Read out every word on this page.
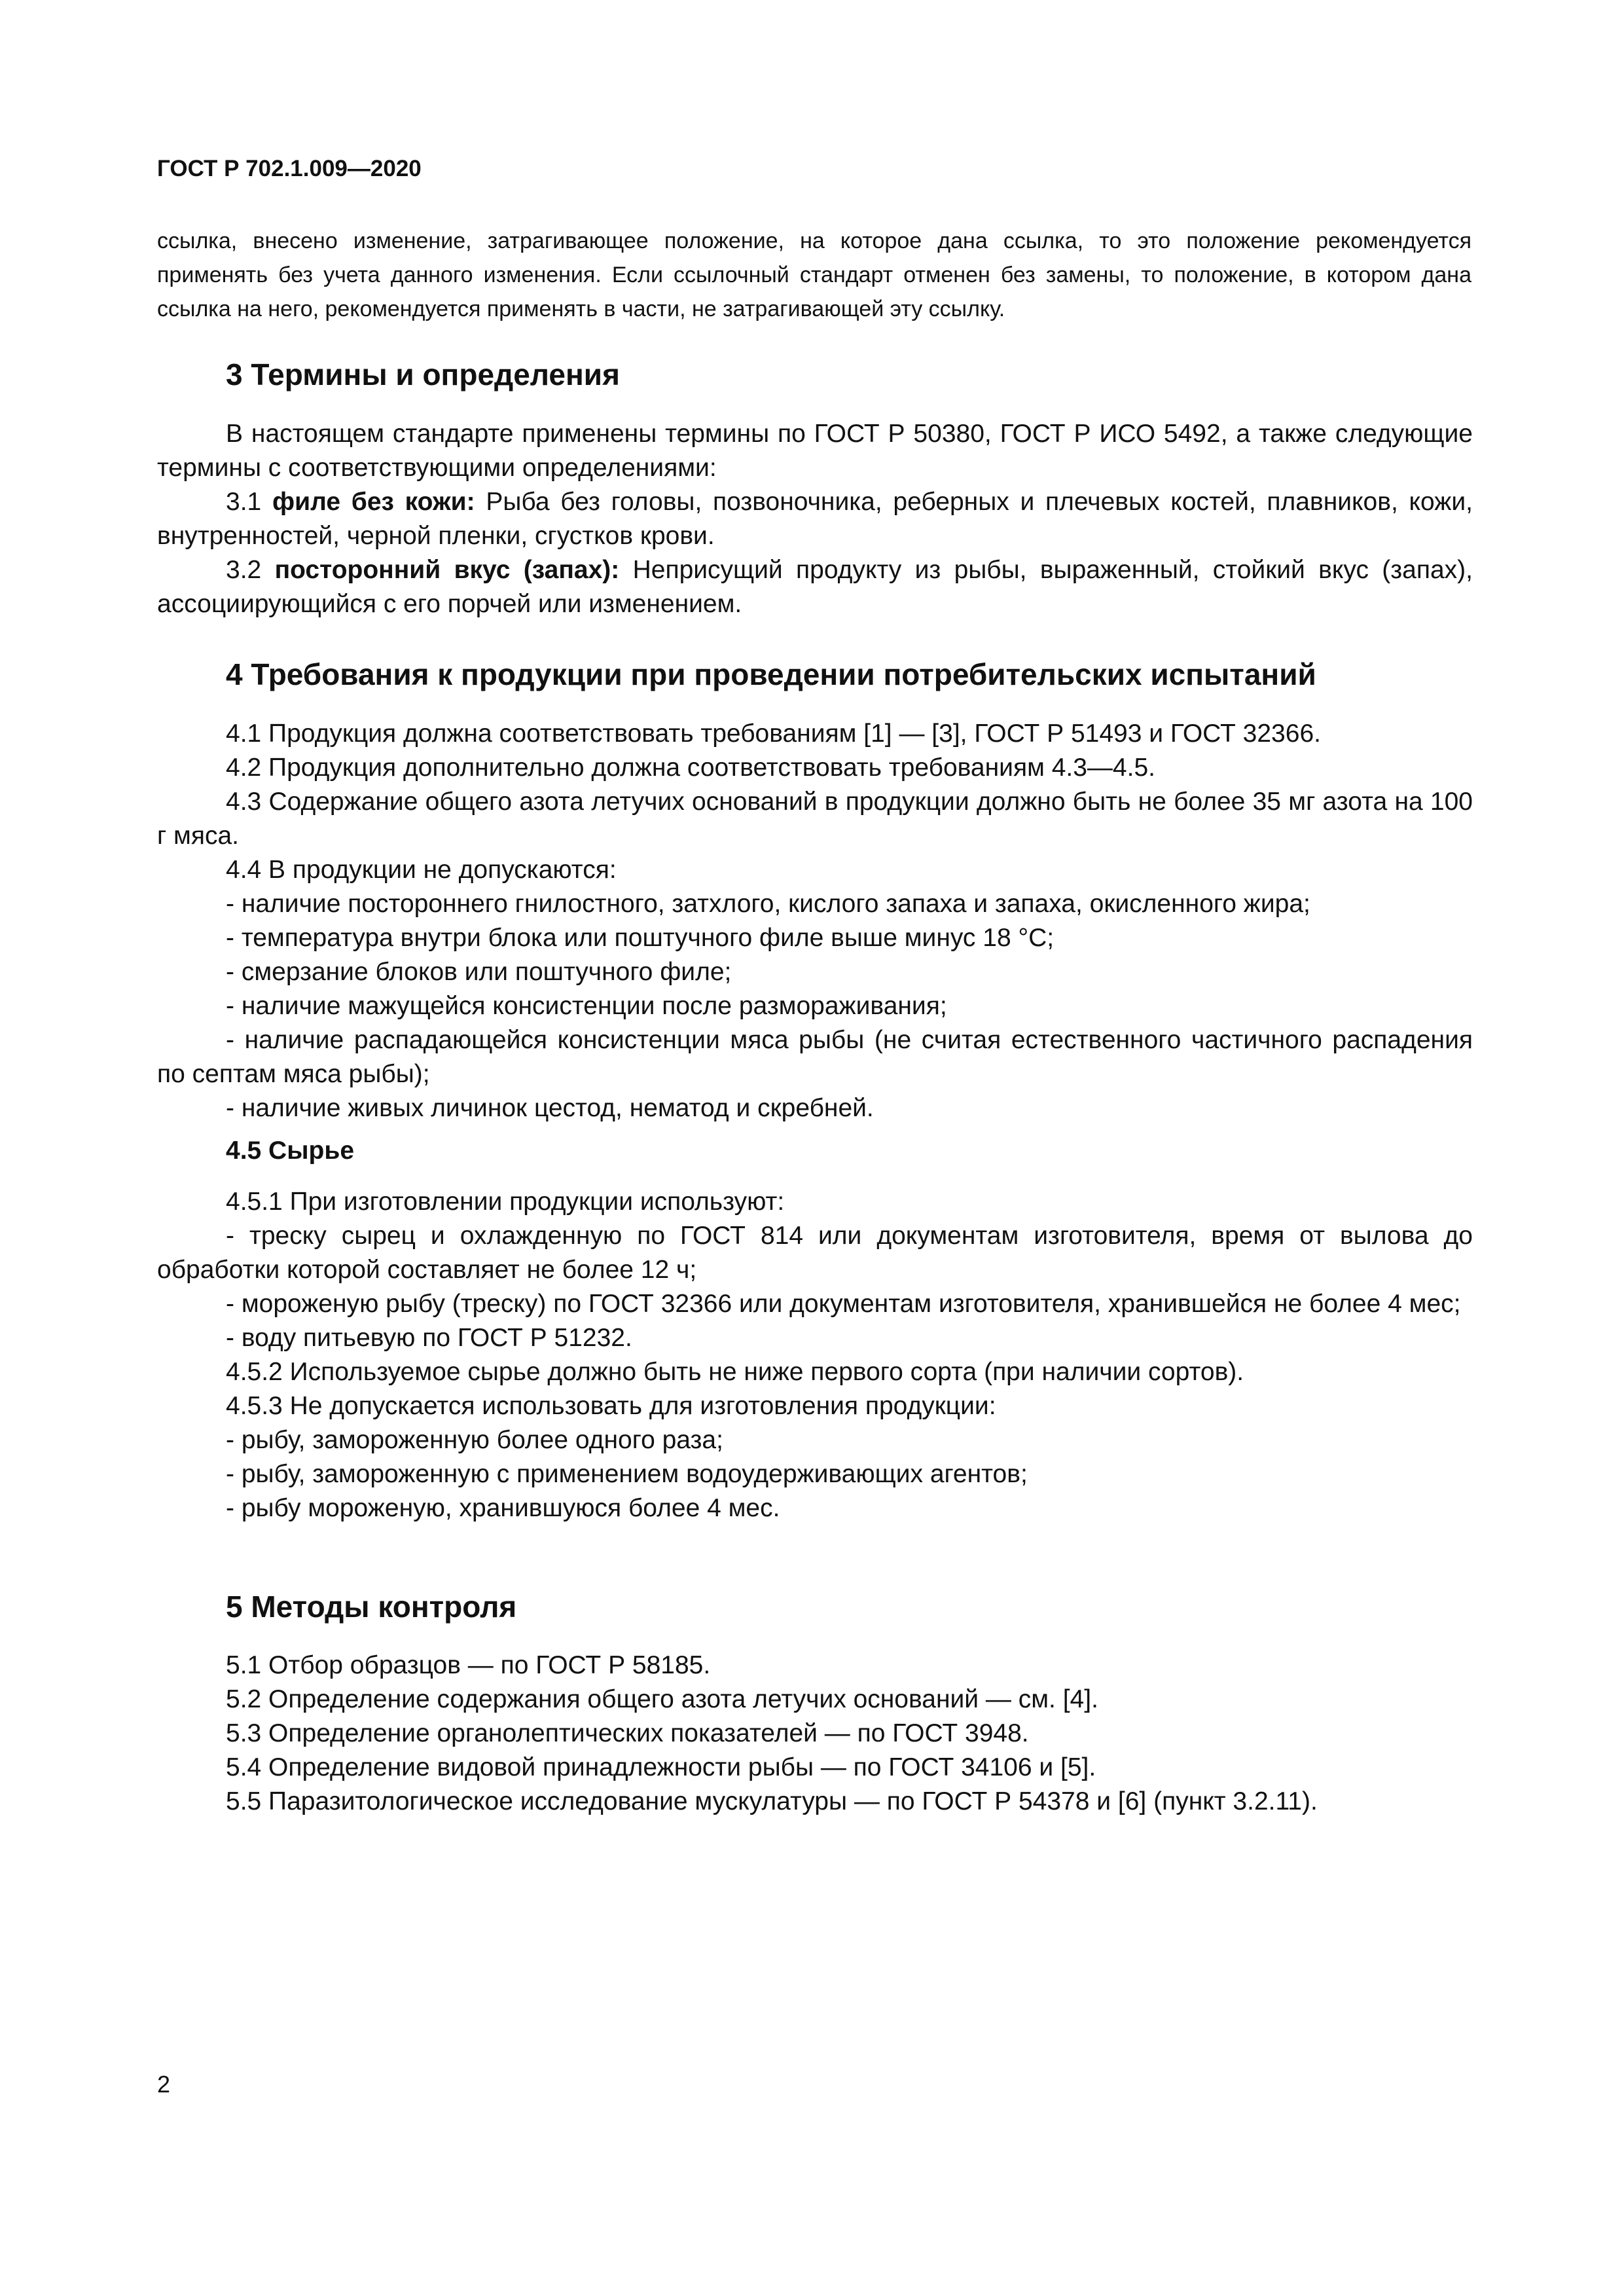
ГОСТ Р 702.1.009—2020
ссылка, внесено изменение, затрагивающее положение, на которое дана ссылка, то это положение рекомендуется применять без учета данного изменения. Если ссылочный стандарт отменен без замены, то положение, в котором дана ссылка на него, рекомендуется применять в части, не затрагивающей эту ссылку.
3 Термины и определения

В настоящем стандарте применены термины по ГОСТ Р 50380, ГОСТ Р ИСО 5492, а также следующие термины с соответствующими определениями:

3.1 филе без кожи: Рыба без головы, позвоночника, реберных и плечевых костей, плавников, кожи, внутренностей, черной пленки, сгустков крови.

3.2 посторонний вкус (запах): Неприсущий продукту из рыбы, выраженный, стойкий вкус (запах), ассоциирующийся с его порчей или изменением.

4 Требования к продукции при проведении потребительских испытаний

4.1 Продукция должна соответствовать требованиям [1] — [3], ГОСТ Р 51493 и ГОСТ 32366.

4.2 Продукция дополнительно должна соответствовать требованиям 4.3—4.5.

4.3 Содержание общего азота летучих оснований в продукции должно быть не более 35 мг азота на 100 г мяса.

4.4 В продукции не допускаются:

- наличие постороннего гнилостного, затхлого, кислого запаха и запаха, окисленного жира;

- температура внутри блока или поштучного филе выше минус 18 °С;

- смерзание блоков или поштучного филе;

- наличие мажущейся консистенции после размораживания;

- наличие распадающейся консистенции мяса рыбы (не считая естественного частичного распадения по септам мяса рыбы);

- наличие живых личинок цестод, нематод и скребней.

4.5 Сырье

4.5.1 При изготовлении продукции используют:

- треску сырец и охлажденную по ГОСТ 814 или документам изготовителя, время от вылова до обработки которой составляет не более 12 ч;

- мороженую рыбу (треску) по ГОСТ 32366 или документам изготовителя, хранившейся не более 4 мес;

- воду питьевую по ГОСТ Р 51232.

4.5.2 Используемое сырье должно быть не ниже первого сорта (при наличии сортов).

4.5.3 Не допускается использовать для изготовления продукции:

- рыбу, замороженную более одного раза;

- рыбу, замороженную с применением водоудерживающих агентов;

- рыбу мороженую, хранившуюся более 4 мес.

5 Методы контроля

5.1 Отбор образцов — по ГОСТ Р 58185.

5.2 Определение содержания общего азота летучих оснований — см. [4].

5.3 Определение органолептических показателей — по ГОСТ 3948.

5.4 Определение видовой принадлежности рыбы — по ГОСТ 34106 и [5].

5.5 Паразитологическое исследование мускулатуры — по ГОСТ Р 54378 и [6] (пункт 3.2.11).

2
